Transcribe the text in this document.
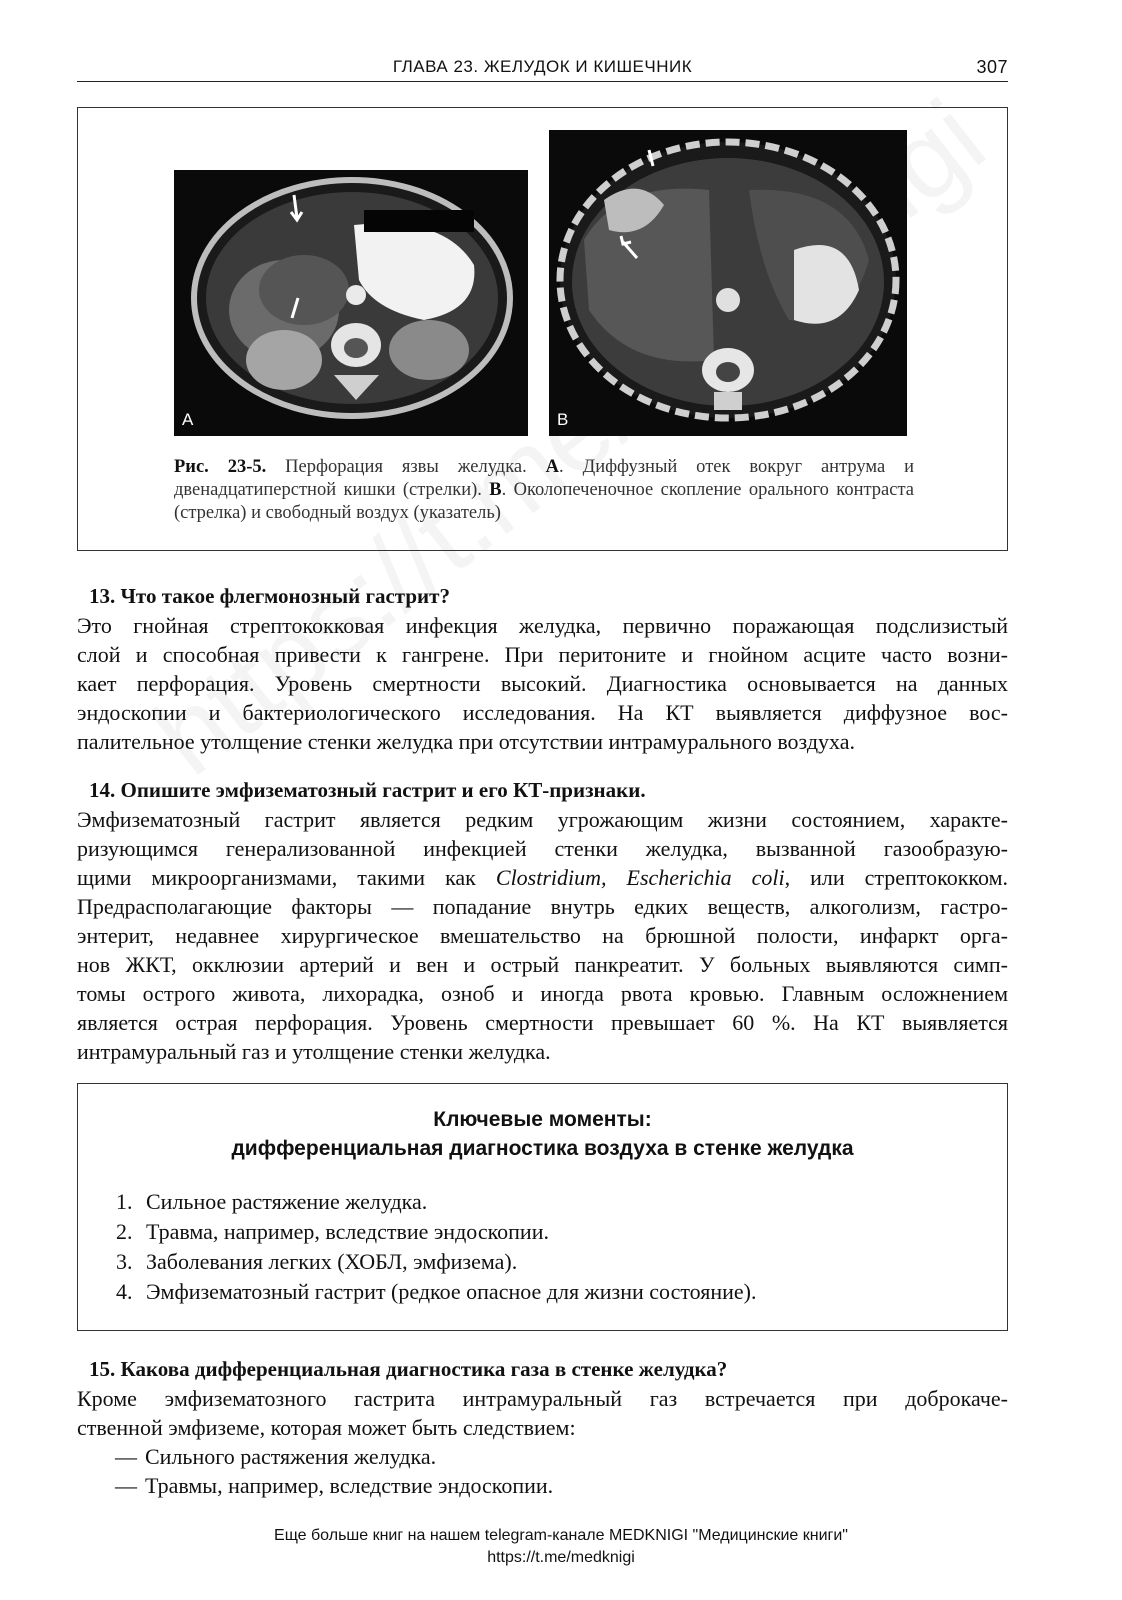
ГЛАВА 23. ЖЕЛУДОК И КИШЕЧНИК	307
A	B
Рис. 23-5. Перфорация язвы желудка. A. Диффузный отек вокруг антрума и двенадцатиперстной кишки (стрелки). B. Околопеченочное скопление орального контраста (стрелка) и свободный воздух (указатель)
13. Что такое флегмонозный гастрит?
Это гнойная стрептококковая инфекция желудка, первично поражающая подслизистый
слой и способная привести к гангрене. При перитоните и гнойном асците часто возни-
кает перфорация. Уровень смертности высокий. Диагностика основывается на данных
эндоскопии и бактериологического исследования. На КТ выявляется диффузное вос-
палительное утолщение стенки желудка при отсутствии интрамурального воздуха.
14. Опишите эмфизематозный гастрит и его КТ-признаки.
Эмфизематозный гастрит является редким угрожающим жизни состоянием, характе-
ризующимся генерализованной инфекцией стенки желудка, вызванной газообразую-
щими микроорганизмами, такими как Clostridium, Escherichia coli, или стрептококком.
Предрасполагающие факторы — попадание внутрь едких веществ, алкоголизм, гастро-
энтерит, недавнее хирургическое вмешательство на брюшной полости, инфаркт орга-
нов ЖКТ, окклюзии артерий и вен и острый панкреатит. У больных выявляются симп-
томы острого живота, лихорадка, озноб и иногда рвота кровью. Главным осложнением
является острая перфорация. Уровень смертности превышает 60 %. На КТ выявляется
интрамуральный газ и утолщение стенки желудка.
Ключевые моменты:
дифференциальная диагностика воздуха в стенке желудка
1. Сильное растяжение желудка.
2. Травма, например, вследствие эндоскопии.
3. Заболевания легких (ХОБЛ, эмфизема).
4. Эмфизематозный гастрит (редкое опасное для жизни состояние).
15. Какова дифференциальная диагностика газа в стенке желудка?
Кроме эмфизематозного гастрита интрамуральный газ встречается при доброкаче-
ственной эмфиземе, которая может быть следствием:
— Сильного растяжения желудка.
— Травмы, например, вследствие эндоскопии.
Еще больше книг на нашем telegram-канале MEDKNIGI "Медицинские книги"
https://t.me/medknigi
